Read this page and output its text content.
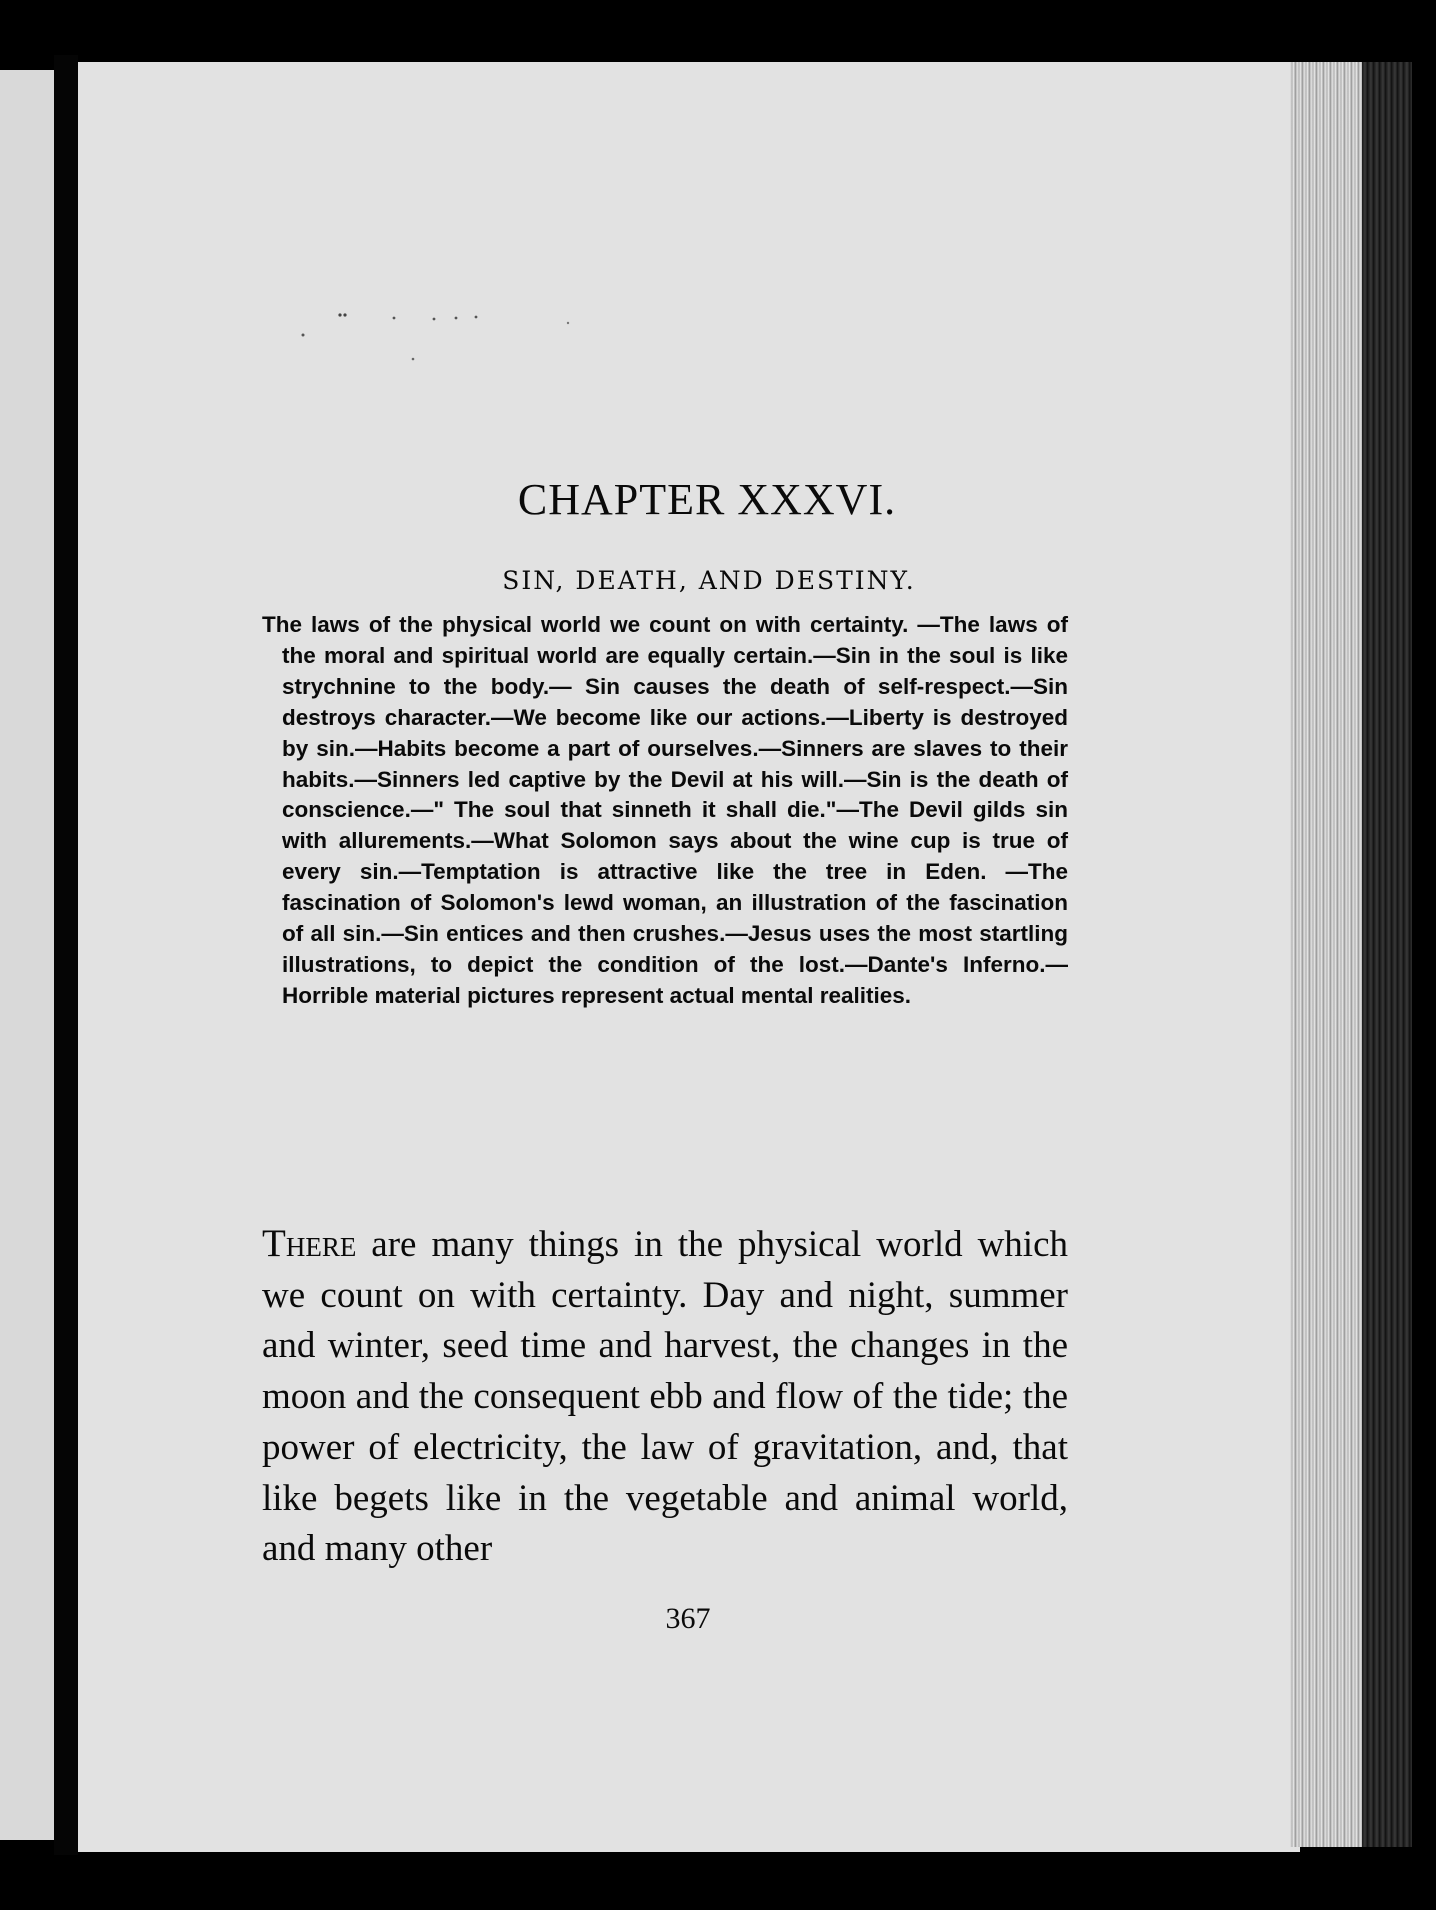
CHAPTER XXXVI.
SIN, DEATH, AND DESTINY.
The laws of the physical world we count on with certainty. —The laws of the moral and spiritual world are equally certain.—Sin in the soul is like strychnine to the body.— Sin causes the death of self-respect.—Sin destroys character.—We become like our actions.—Liberty is destroyed by sin.—Habits become a part of ourselves.—Sinners are slaves to their habits.—Sinners led captive by the Devil at his will.—Sin is the death of conscience.—" The soul that sinneth it shall die."—The Devil gilds sin with allurements.—What Solomon says about the wine cup is true of every sin.—Temptation is attractive like the tree in Eden. —The fascination of Solomon's lewd woman, an illustration of the fascination of all sin.—Sin entices and then crushes.—Jesus uses the most startling illustrations, to depict the condition of the lost.—Dante's Inferno.—Horrible material pictures represent actual mental realities.

There are many things in the physical world which we count on with certainty. Day and night, summer and winter, seed time and harvest, the changes in the moon and the consequent ebb and flow of the tide; the power of electricity, the law of gravitation, and, that like begets like in the vegetable and animal world, and many other

367
